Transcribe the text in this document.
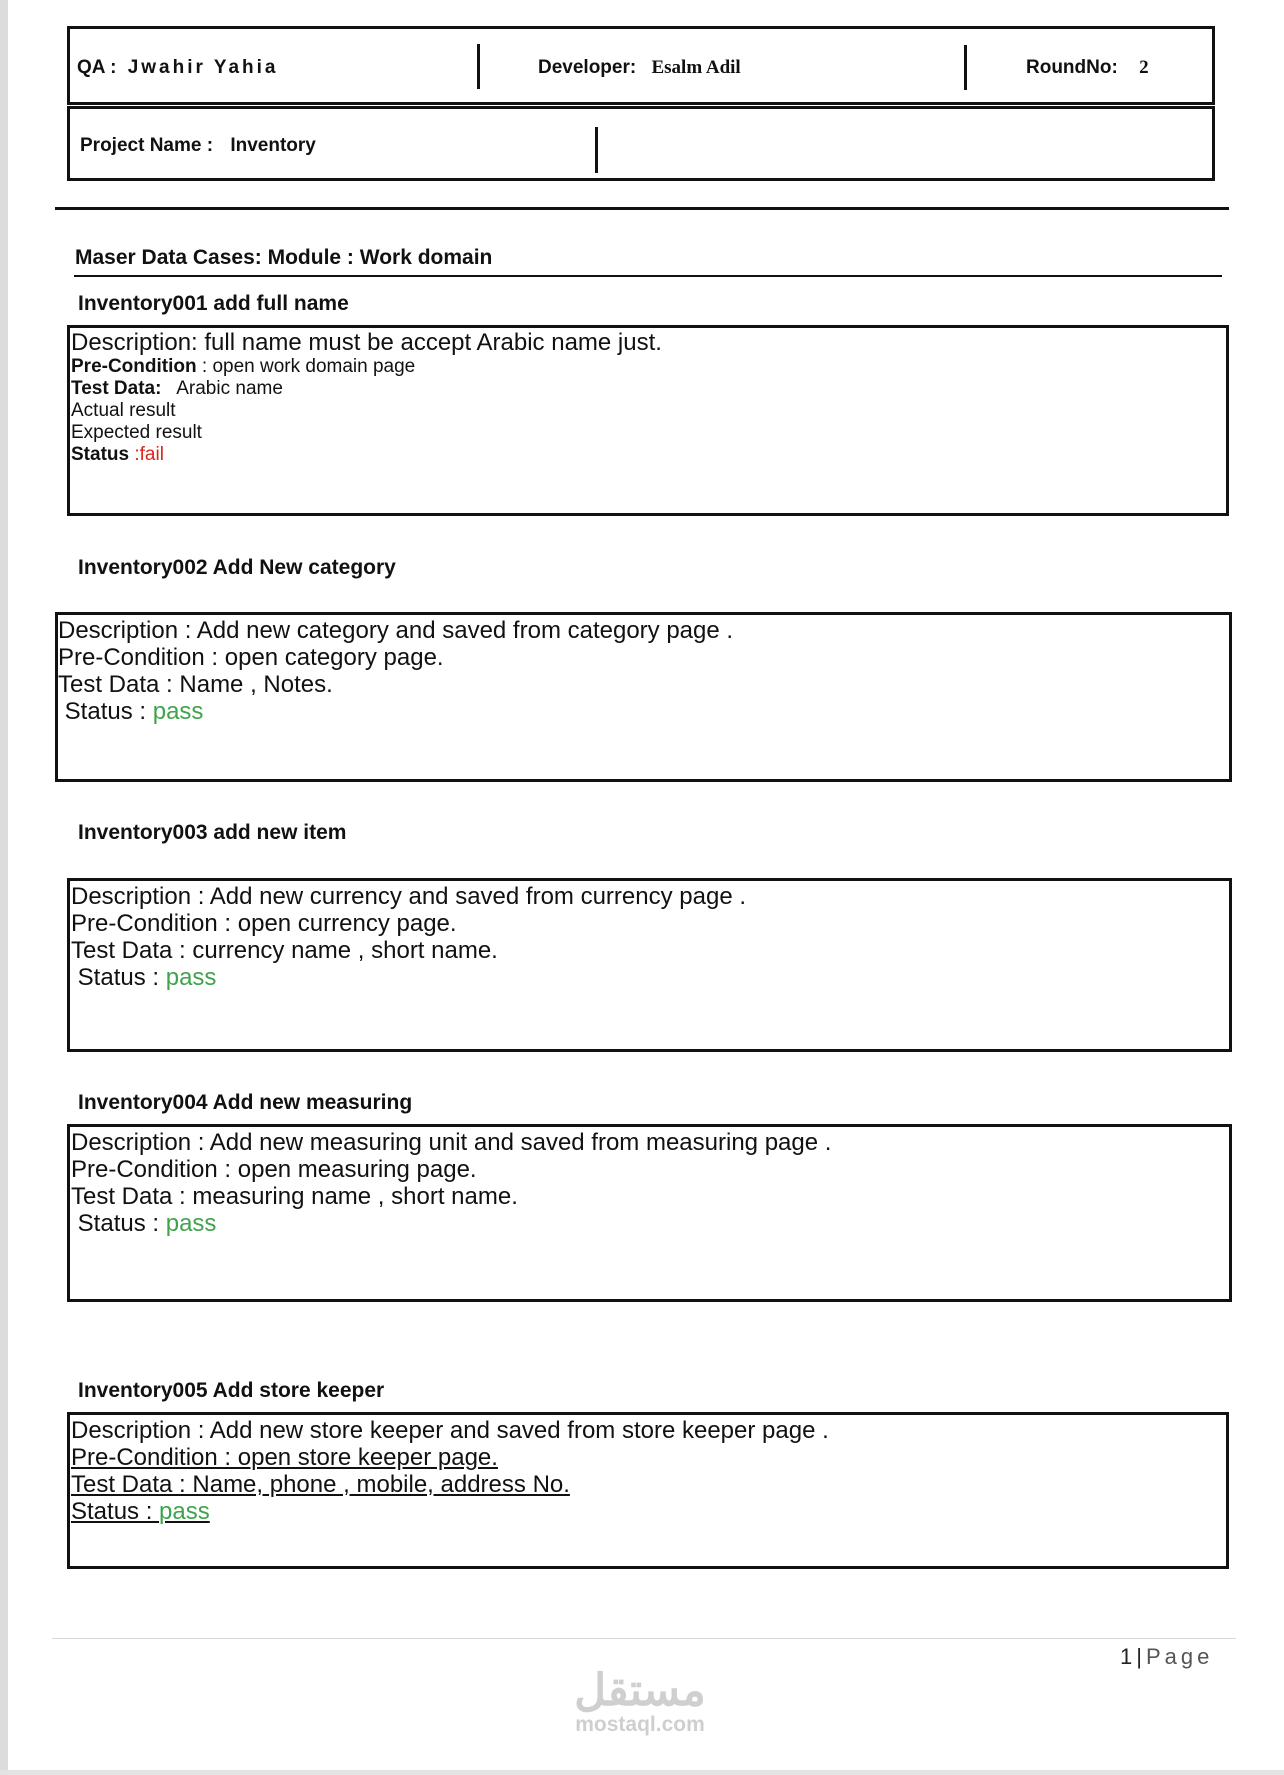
QA : Jwahir Yahia	Developer: Esalm Adil	RoundNo: 2
Project Name : Inventory
Maser Data Cases: Module : Work domain
Inventory001 add full name
Description: full name must be accept Arabic name just.
Pre-Condition : open work domain page
Test Data:   Arabic name
Actual result
Expected result
Status :fail
Inventory002 Add New category
Description : Add new category and saved from category page .
Pre-Condition : open category page.
Test Data : Name , Notes.
Status : pass
Inventory003 add new item
Description : Add new currency and saved from currency page .
Pre-Condition : open currency page.
Test Data : currency name , short name.
Status : pass
Inventory004 Add new measuring
Description : Add new measuring unit and saved from measuring page .
Pre-Condition : open measuring page.
Test Data : measuring name , short name.
Status : pass
Inventory005 Add store keeper
Description : Add new store keeper and saved from store keeper page .
Pre-Condition : open store keeper page.
Test Data : Name, phone , mobile, address No.
Status : pass
1 | Page
مستقل
mostaql.com
